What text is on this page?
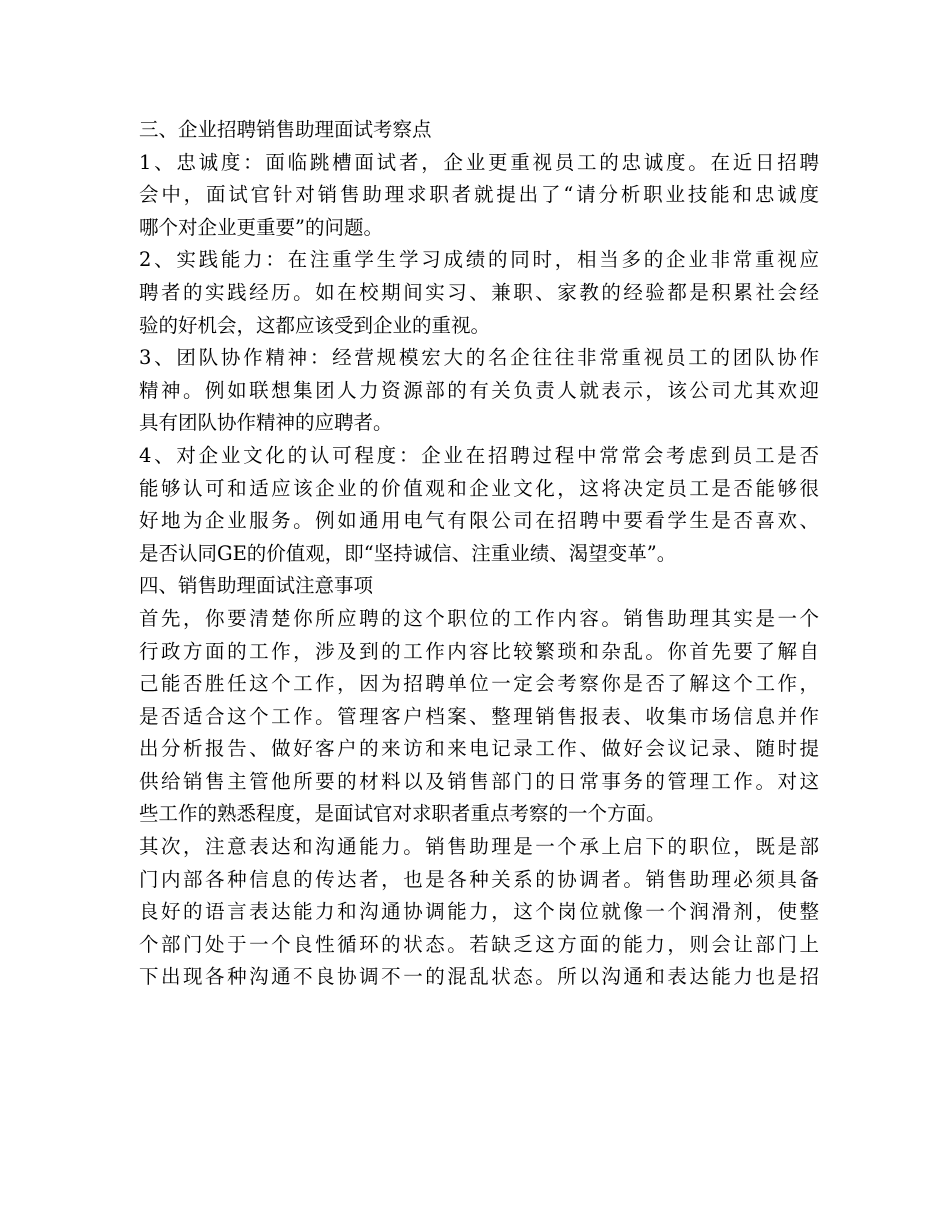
三、企业招聘销售助理面试考察点
1、忠诚度：面临跳槽面试者，企业更重视员工的忠诚度。在近日招聘
会中，面试官针对销售助理求职者就提出了“请分析职业技能和忠诚度
哪个对企业更重要”的问题。
2、实践能力：在注重学生学习成绩的同时，相当多的企业非常重视应
聘者的实践经历。如在校期间实习、兼职、家教的经验都是积累社会经
验的好机会，这都应该受到企业的重视。
3、团队协作精神：经营规模宏大的名企往往非常重视员工的团队协作
精神。例如联想集团人力资源部的有关负责人就表示，该公司尤其欢迎
具有团队协作精神的应聘者。
4、对企业文化的认可程度：企业在招聘过程中常常会考虑到员工是否
能够认可和适应该企业的价值观和企业文化，这将决定员工是否能够很
好地为企业服务。例如通用电气有限公司在招聘中要看学生是否喜欢、
是否认同GE的价值观，即“坚持诚信、注重业绩、渴望变革”。
四、销售助理面试注意事项
首先，你要清楚你所应聘的这个职位的工作内容。销售助理其实是一个
行政方面的工作，涉及到的工作内容比较繁琐和杂乱。你首先要了解自
己能否胜任这个工作，因为招聘单位一定会考察你是否了解这个工作，
是否适合这个工作。管理客户档案、整理销售报表、收集市场信息并作
出分析报告、做好客户的来访和来电记录工作、做好会议记录、随时提
供给销售主管他所要的材料以及销售部门的日常事务的管理工作。对这
些工作的熟悉程度，是面试官对求职者重点考察的一个方面。
其次，注意表达和沟通能力。销售助理是一个承上启下的职位，既是部
门内部各种信息的传达者，也是各种关系的协调者。销售助理必须具备
良好的语言表达能力和沟通协调能力，这个岗位就像一个润滑剂，使整
个部门处于一个良性循环的状态。若缺乏这方面的能力，则会让部门上
下出现各种沟通不良协调不一的混乱状态。所以沟通和表达能力也是招
